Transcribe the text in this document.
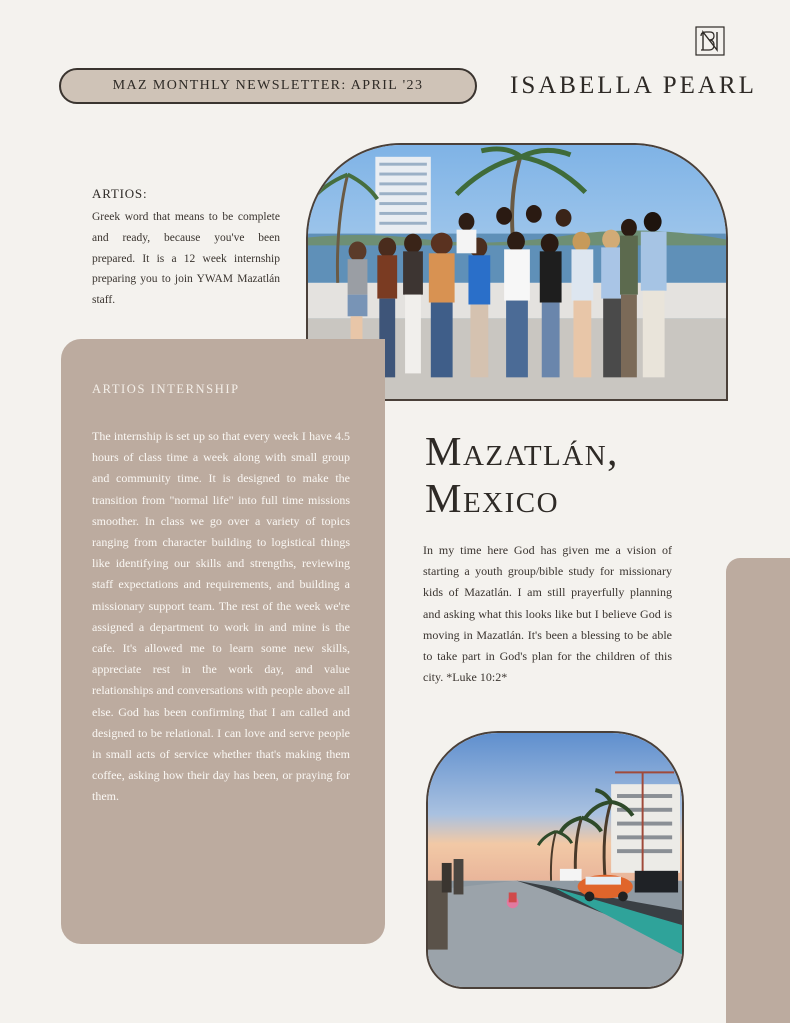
MAZ MONTHLY NEWSLETTER: APRIL '23	ISABELLA PEARL
ARTIOS:
Greek word that means to be complete and ready, because you've been prepared. It is a 12 week internship preparing you to join YWAM Mazatlán staff.
ARTIOS INTERNSHIP
The internship is set up so that every week I have 4.5 hours of class time a week along with small group and community time. It is designed to make the transition from "normal life" into full time missions smoother. In class we go over a variety of topics ranging from character building to logistical things like identifying our skills and strengths, reviewing staff expectations and requirements, and building a missionary support team. The rest of the week we're assigned a department to work in and mine is the cafe. It's allowed me to learn some new skills, appreciate rest in the work day, and value relationships and conversations with people above all else. God has been confirming that I am called and designed to be relational. I can love and serve people in small acts of service whether that's making them coffee, asking how their day has been, or praying for them.
Mazatlán,
Mexico
In my time here God has given me a vision of starting a youth group/bible study for missionary kids of Mazatlán. I am still prayerfully planning and asking what this looks like but I believe God is moving in Mazatlán. It's been a blessing to be able to take part in God's plan for the children of this city. *Luke 10:2*
